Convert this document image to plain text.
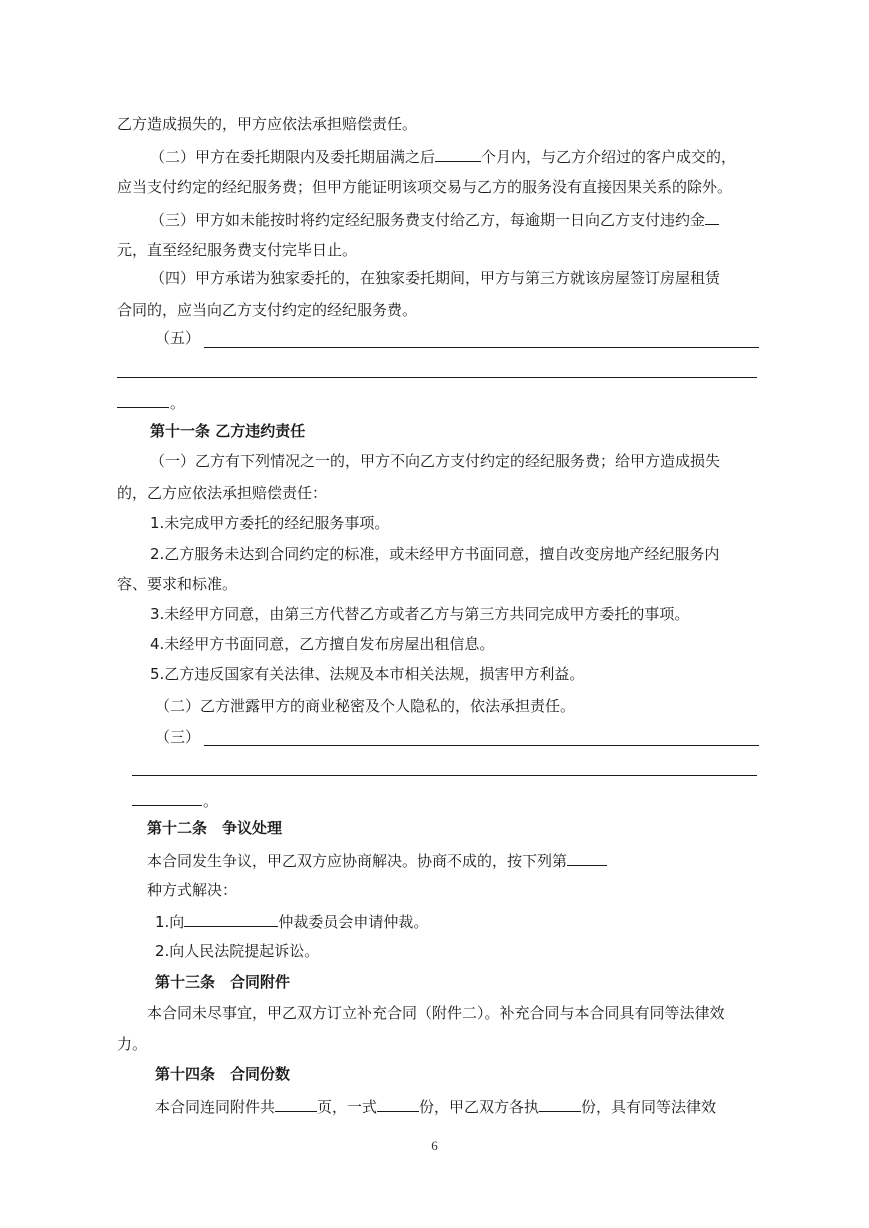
乙方造成损失的，甲方应依法承担赔偿责任。
（二）甲方在委托期限内及委托期届满之后	个月内，与乙方介绍过的客户成交的，
应当支付约定的经纪服务费；但甲方能证明该项交易与乙方的服务没有直接因果关系的除外。
（三）甲方如未能按时将约定经纪服务费支付给乙方，每逾期一日向乙方支付违约金
元，直至经纪服务费支付完毕日止。
（四）甲方承诺为独家委托的，在独家委托期间，甲方与第三方就该房屋签订房屋租赁
合同的，应当向乙方支付约定的经纪服务费。
（五）
。
第十一条 乙方违约责任
（一）乙方有下列情况之一的，甲方不向乙方支付约定的经纪服务费；给甲方造成损失
的，乙方应依法承担赔偿责任：
1.未完成甲方委托的经纪服务事项。
2.乙方服务未达到合同约定的标准，或未经甲方书面同意，擅自改变房地产经纪服务内
容、要求和标准。
3.未经甲方同意，由第三方代替乙方或者乙方与第三方共同完成甲方委托的事项。
4.未经甲方书面同意，乙方擅自发布房屋出租信息。
5.乙方违反国家有关法律、法规及本市相关法规，损害甲方利益。
（二）乙方泄露甲方的商业秘密及个人隐私的，依法承担责任。
（三）
。
第十二条　争议处理
本合同发生争议，甲乙双方应协商解决。协商不成的，按下列第
种方式解决：
1.向	仲裁委员会申请仲裁。
2.向人民法院提起诉讼。
第十三条　合同附件
本合同未尽事宜，甲乙双方订立补充合同（附件二）。补充合同与本合同具有同等法律效
力。
第十四条　合同份数
本合同连同附件共	页，一式	份，甲乙双方各执	份，具有同等法律效
6
